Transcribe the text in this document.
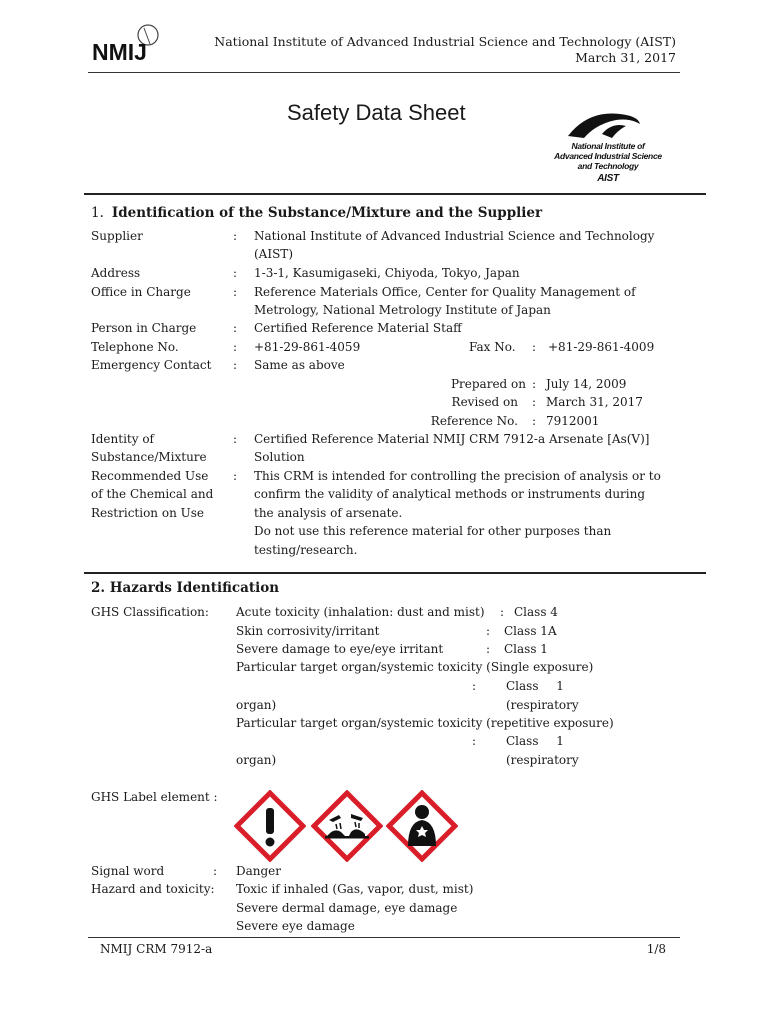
NMIJ	National Institute of Advanced Industrial Science and Technology (AIST)
March 31, 2017
Safety Data Sheet
National Institute of
Advanced Industrial Science
and Technology
AIST
1. Identification of the Substance/Mixture and the Supplier
Supplier	: National Institute of Advanced Industrial Science and Technology
(AIST)
Address	: 1-3-1, Kasumigaseki, Chiyoda, Tokyo, Japan
Office in Charge	: Reference Materials Office, Center for Quality Management of
Metrology, National Metrology Institute of Japan
Person in Charge	: Certified Reference Material Staff
Telephone No.	: +81-29-861-4059	Fax No. : +81-29-861-4009
Emergency Contact : Same as above
Prepared on : July 14, 2009
Revised on : March 31, 2017
Reference No. : 7912001
Identity of	: Certified Reference Material NMIJ CRM 7912-a Arsenate [As(V)]
Substance/Mixture	Solution
Recommended Use : This CRM is intended for controlling the precision of analysis or to
of the Chemical and	confirm the validity of analytical methods or instruments during
Restriction on Use	the analysis of arsenate.
Do not use this reference material for other purposes than
testing/research.
2. Hazards Identification
GHS Classification: Acute toxicity (inhalation: dust and mist) : Class 4
Skin corrosivity/irritant	: Class 1A
Severe damage to eye/eye irritant	: Class 1
Particular target organ/systemic toxicity (Single exposure)
: Class 1 (respiratory
organ)
Particular target organ/systemic toxicity (repetitive exposure)
: Class 1 (respiratory
organ)
GHS Label element :
Signal word	: Danger
Hazard and toxicity: Toxic if inhaled (Gas, vapor, dust, mist)
Severe dermal damage, eye damage
Severe eye damage
NMIJ CRM 7912-a	1/8
